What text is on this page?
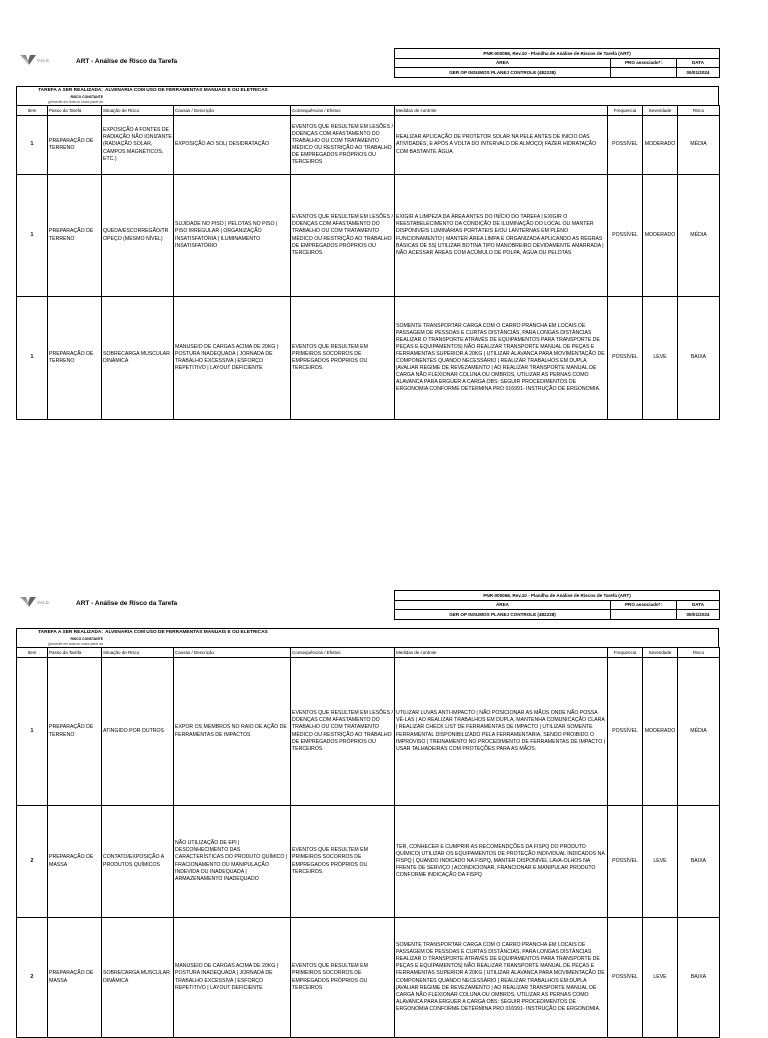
VALE	ART - Análise de Risco da Tarefa
PNR-000068, Rev.10 - Planilha de Análise de Riscos de Tarefa (ART)		
ÁREA	PRO associado*:	DATA
GER OP INSUMOS PLANEJ CONTROLE (482238)		05/01/2024
TAREFA A SER REALIZADA: ALVENARIA COM USO DE FERRAMENTAS MANUAIS E OU ELETRICAS
RISCO CONSTANTE
(presente em toda ou maior parte da
Item	Passo da Tarefa	Situação de Risco	Causas / Descrição	Consequências / Efeitos	Medidas de controle	Frequencia	Severidade	Risco
1	PREPARAÇÃO DE TERRENO	EXPOSIÇÃO A FONTES DE RADIAÇÃO NÃO IONIZANTE (RADIAÇÃO SOLAR, CAMPOS MAGNÉTICOS, ETC.)	EXPOSIÇÃO AO SOL| DESIDRATAÇÃO	EVENTOS QUE RESULTEM EM LESÕES / DOENÇAS COM AFASTAMENTO DO TRABALHO OU COM TRATAMENTO MÉDICO OU RESTRIÇÃO AO TRABALHO DE EMPREGADOS PRÓPRIOS OU TERCEIROS	REALIZAR APLICAÇÃO DE PROTETOR SOLAR NA PELE ANTES DE INICIO DAS ATIVIDADES, E APÓS A VOLTA DO INTERVALO DE ALMOÇO| FAZER HIDRATAÇÃO COM BASTANTE ÁGUA	POSSÍVEL	MODERADO	MÉDIA
1	PREPARAÇÃO DE TERRENO	QUEDA/ESCORREGÃO/TROPEÇO (MESMO NÍVEL)	SUJIDADE NO PISO | PELOTAS NO PISO | PISO IRREGULAR | ORGANIZAÇÃO INSATISFATÓRIA | ILUMINAMENTO INSATISFATÓRIO	EVENTOS QUE RESULTEM EM LESÕES / DOENÇAS COM AFASTAMENTO DO TRABALHO OU COM TRATAMENTO MÉDICO OU RESTRIÇÃO AO TRABALHO DE EMPREGADOS PRÓPRIOS OU TERCEIROS	EXIGIR A LIMPEZA DA ÁREA ANTES DO INÍCIO DO TAREFA | EXIGIR O REESTABELECIMENTO DA CONDIÇÃO DE ILUMINAÇÃO DO LOCAL OU MANTER DISPONÍVEIS LUMINÁRIAS PORTÁTEIS E/OU LANTERNAS EM PLENO FUNCIONAMENTO | MANTER ÁREA LIMPA E ORGANIZADA APLICANDO AS REGRAS BÁSICAS DE 5S| UTILIZAR BOTINA TIPO MANOBREIRO DEVIDAMENTE AMARRADA | NÃO ACESSAR ÁREAS COM ACÚMULO DE POLPA, ÁGUA OU PELOTAS	POSSÍVEL	MODERADO	MÉDIA
1	PREPARAÇÃO DE TERRENO	SOBRECARGA MUSCULAR DINÂMICA	MANUSEIO DE CARGAS ACIMA DE 20KG | POSTURA INADEQUADA | JORNADA DE TRABALHO EXCESSIVA | ESFORÇO REPETITIVO | LAYOUT DEFICIENTE	EVENTOS QUE RESULTEM EM PRIMEIROS SOCORROS DE EMPREGADOS PRÓPRIOS OU TERCEIROS	SOMENTE TRANSPORTAR CARGA COM O CARRO PRANCHA EM LOCAIS DE PASSAGEM DE PESSOAS E CURTAS DISTÂNCIAS, PARA LONGAS DISTÂNCIAS REALIZAR O TRANSPORTE ATRAVÉS DE EQUIPAMENTOS PARA TRANSPORTE DE PEÇAS E EQUIPAMENTOS| NÃO REALIZAR TRANSPORTE MANUAL DE PEÇAS E FERRAMENTAS SUPERIOR A 20KG | UTILIZAR ALAVANCA PARA MOVIMENTAÇÃO DE COMPONENTES QUANDO NECESSÁRIO | REALIZAR TRABALHOS EM DUPLA |AVALIAR REGIME DE REVEZAMENTO | AO REALIZAR TRANSPORTE MANUAL DE CARGA NÃO FLEXIONAR COLUNA OU OMBROS, UTILIZAR AS PERNAS COMO ALAVANCA PARA ERGUER A CARGA OBS: SEGUIR PROCEDIMENTOS DE ERGONOMIA CONFORME DETERMINA PRO 016991- INSTRUÇÃO DE ERGONOMIA.	POSSÍVEL	LEVE	BAIXA
VALE	ART - Análise de Risco da Tarefa
PNR-000068, Rev.10 - Planilha de Análise de Riscos de Tarefa (ART)		
ÁREA	PRO associado*:	DATA
GER OP INSUMOS PLANEJ CONTROLE (482238)		05/01/2024
TAREFA A SER REALIZADA: ALVENARIA COM USO DE FERRAMENTAS MANUAIS E OU ELETRICAS
RISCO CONSTANTE
(presente em toda ou maior parte da
Item	Passo da Tarefa	Situação de Risco	Causas / Descrição	Consequências / Efeitos	Medidas de controle	Frequencia	Severidade	Risco
1	PREPARAÇÃO DE TERRENO	ATINGIDO POR OUTROS	EXPOR OS MEMBROS NO RAIO DE AÇÃO DE FERRAMENTAS DE IMPACTOS	EVENTOS QUE RESULTEM EM LESÕES / DOENÇAS COM AFASTAMENTO DO TRABALHO OU COM TRATAMENTO MÉDICO OU RESTRIÇÃO AO TRABALHO DE EMPREGADOS PRÓPRIOS OU TERCEIROS	UTILIZAR LUVAS ANTI-IMPACTO | NÃO POSICIONAR AS MÃOS ONDE NÃO POSSA VÊ-LAS | AO REALIZAR TRABALHOS EM DUPLA, MANTENHA COMUNICAÇÃO CLARA | REALIZAR CHECK LIST DE FERRAMENTAS DE IMPACTO | UTILIZAR SOMENTE FERRAMENTAL DISPONIBILIZADO PELA FERRAMENTARIA, SENDO PROIBIDO O IMPROVISO | TREINAMENTO NO PROCEDIMENTO DE FERRAMENTAS DE IMPACTO | USAR TALHADEIRAS COM PROTEÇÕES PARA AS MÃOS.	POSSÍVEL	MODERADO	MÉDIA
2	PREPARAÇÃO DE MASSA	CONTATO/EXPOSIÇÃO A PRODUTOS QUÍMICOS	NÃO UTILIZAÇÃO DE EPI | DESCONHECIMENTO DAS CARACTERÍSTICAS DO PRODUTO QUÍMICO | FRACIONAMENTO OU MANIPULAÇÃO INDEVIDA OU INADEQUADA | ARMAZENAMENTO INADEQUADO	EVENTOS QUE RESULTEM EM PRIMEIROS SOCORROS DE EMPREGADOS PRÓPRIOS OU TERCEIROS	TER, CONHECER E CUMPRIR AS RECOMENDÇÕES DA FISPQ DO PRODUTO QUÍMICO| UTILIZAR OS EQUIPAMENTOS DE PROTEÇÃO INDIVIDUAL INDICADOS NA FISPQ | QUANDO INDICADO NA FISPQ, MANTER DISPONÍVEL LAVA-OLHOS NA FRENTE DE SERVIÇO | ACONDICIONAR, FRANCIONAR E MANIPULAR PRODUTO CONFORME INDICAÇÃO DA FISPQ	POSSÍVEL	LEVE	BAIXA
2	PREPARAÇÃO DE MASSA	SOBRECARGA MUSCULAR DINÂMICA	MANUSEIO DE CARGAS ACIMA DE 20KG | POSTURA INADEQUADA | JORNADA DE TRABALHO EXCESSIVA | ESFORÇO REPETITIVO | LAYOUT DEFICIENTE	EVENTOS QUE RESULTEM EM PRIMEIROS SOCORROS DE EMPREGADOS PRÓPRIOS OU TERCEIROS	SOMENTE TRANSPORTAR CARGA COM O CARRO PRANCHA EM LOCAIS DE PASSAGEM DE PESSOAS E CURTAS DISTÂNCIAS, PARA LONGAS DISTÂNCIAS REALIZAR O TRANSPORTE ATRAVÉS DE EQUIPAMENTOS PARA TRANSPORTE DE PEÇAS E EQUIPAMENTOS| NÃO REALIZAR TRANSPORTE MANUAL DE PEÇAS E FERRAMENTAS SUPERIOR A 20KG | UTILIZAR ALAVANCA PARA MOVIMENTAÇÃO DE COMPONENTES QUANDO NECESSÁRIO | REALIZAR TRABALHOS EM DUPLA |AVALIAR REGIME DE REVEZAMENTO | AO REALIZAR TRANSPORTE MANUAL DE CARGA NÃO FLEXIONAR COLUNA OU OMBROS, UTILIZAR AS PERNAS COMO ALAVANCA PARA ERGUER A CARGA OBS: SEGUIR PROCEDIMENTOS DE ERGONOMIA CONFORME DETERMINA PRO 016991- INSTRUÇÃO DE ERGONOMIA.	POSSÍVEL	LEVE	BAIXA
